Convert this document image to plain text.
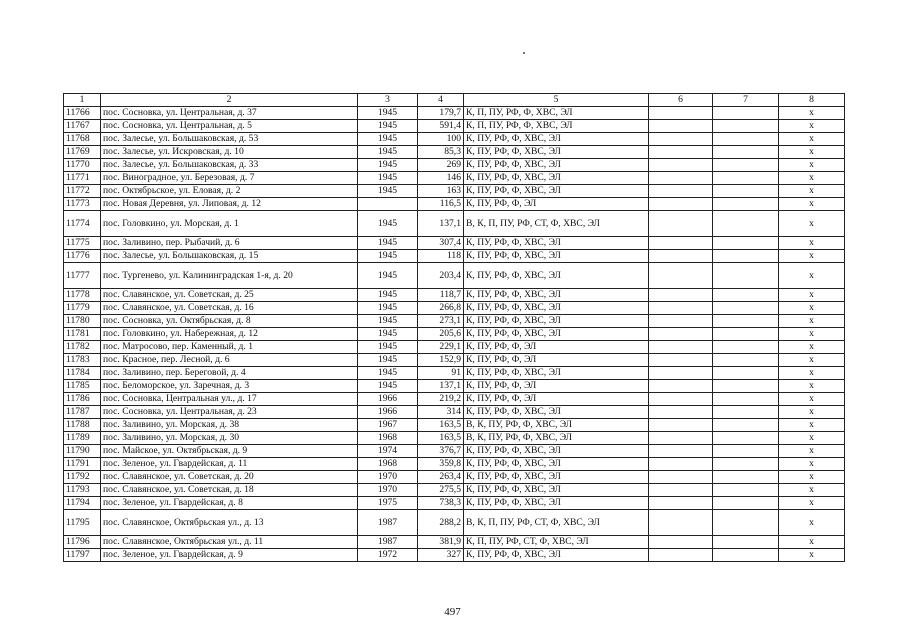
1	2	3	4	5	6	7	8
11766	пос. Сосновка, ул. Центральная, д. 37	1945	179,7	К, П, ПУ, РФ, Ф, ХВС, ЭЛ			х
11767	пос. Сосновка, ул. Центральная, д. 5	1945	591,4	К, П, ПУ, РФ, Ф, ХВС, ЭЛ			х
11768	пос. Залесье, ул. Большаковская, д. 53	1945	100	К, ПУ, РФ, Ф, ХВС, ЭЛ			х
11769	пос. Залесье, ул. Искровская, д. 10	1945	85,3	К, ПУ, РФ, Ф, ХВС, ЭЛ			х
11770	пос. Залесье, ул. Большаковская, д. 33	1945	269	К, ПУ, РФ, Ф, ХВС, ЭЛ			х
11771	пос. Виноградное, ул. Березовая, д. 7	1945	146	К, ПУ, РФ, Ф, ХВС, ЭЛ			х
11772	пос. Октябрьское, ул. Еловая, д. 2	1945	163	К, ПУ, РФ, Ф, ХВС, ЭЛ			х
11773	пос. Новая Деревня, ул. Липовая, д. 12		116,5	К, ПУ, РФ, Ф, ЭЛ			х
11774	пос. Головкино, ул. Морская, д. 1	1945	137,1	В, К, П, ПУ, РФ, СТ, Ф, ХВС, ЭЛ			х
11775	пос. Заливино, пер. Рыбачий, д. 6	1945	307,4	К, ПУ, РФ, Ф, ХВС, ЭЛ			х
11776	пос. Залесье, ул. Большаковская, д. 15	1945	118	К, ПУ, РФ, Ф, ХВС, ЭЛ			х
11777	пос. Тургенево, ул. Калининградская 1-я, д. 20	1945	203,4	К, ПУ, РФ, Ф, ХВС, ЭЛ			х
11778	пос. Славянское, ул. Советская, д. 25	1945	118,7	К, ПУ, РФ, Ф, ХВС, ЭЛ			х
11779	пос. Славянское, ул. Советская, д. 16	1945	266,8	К, ПУ, РФ, Ф, ХВС, ЭЛ			х
11780	пос. Сосновка, ул. Октябрьская, д. 8	1945	273,1	К, ПУ, РФ, Ф, ХВС, ЭЛ			х
11781	пос. Головкино, ул. Набережная, д. 12	1945	205,6	К, ПУ, РФ, Ф, ХВС, ЭЛ			х
11782	пос. Матросово, пер. Каменный, д. 1	1945	229,1	К, ПУ, РФ, Ф, ЭЛ			х
11783	пос. Красное, пер. Лесной, д. 6	1945	152,9	К, ПУ, РФ, Ф, ЭЛ			х
11784	пос. Заливино, пер. Береговой, д. 4	1945	91	К, ПУ, РФ, Ф, ХВС, ЭЛ			х
11785	пос. Беломорское, ул. Заречная, д. 3	1945	137,1	К, ПУ, РФ, Ф, ЭЛ			х
11786	пос. Сосновка, Центральная ул., д. 17	1966	219,2	К, ПУ, РФ, Ф, ЭЛ			х
11787	пос. Сосновка, ул. Центральная, д. 23	1966	314	К, ПУ, РФ, Ф, ХВС, ЭЛ			х
11788	пос. Заливино, ул. Морская, д. 38	1967	163,5	В, К, ПУ, РФ, Ф, ХВС, ЭЛ			х
11789	пос. Заливино, ул. Морская, д. 30	1968	163,5	В, К, ПУ, РФ, Ф, ХВС, ЭЛ			х
11790	пос. Майское, ул. Октябрьская, д. 9	1974	376,7	К, ПУ, РФ, Ф, ХВС, ЭЛ			х
11791	пос. Зеленое, ул. Гвардейская, д. 11	1968	359,8	К, ПУ, РФ, Ф, ХВС, ЭЛ			х
11792	пос. Славянское, ул. Советская, д. 20	1970	263,4	К, ПУ, РФ, Ф, ХВС, ЭЛ			х
11793	пос. Славянское, ул. Советская, д. 18	1970	275,5	К, ПУ, РФ, Ф, ХВС, ЭЛ			х
11794	пос. Зеленое, ул. Гвардейская, д. 8	1975	738,3	К, ПУ, РФ, Ф, ХВС, ЭЛ			х
11795	пос. Славянское, Октябрьская ул., д. 13	1987	288,2	В, К, П, ПУ, РФ, СТ, Ф, ХВС, ЭЛ			х
11796	пос. Славянское, Октябрьская ул., д. 11	1987	381,9	К, П, ПУ, РФ, СТ, Ф, ХВС, ЭЛ			х
11797	пос. Зеленое, ул. Гвардейская, д. 9	1972	327	К, ПУ, РФ, Ф, ХВС, ЭЛ			х
497
